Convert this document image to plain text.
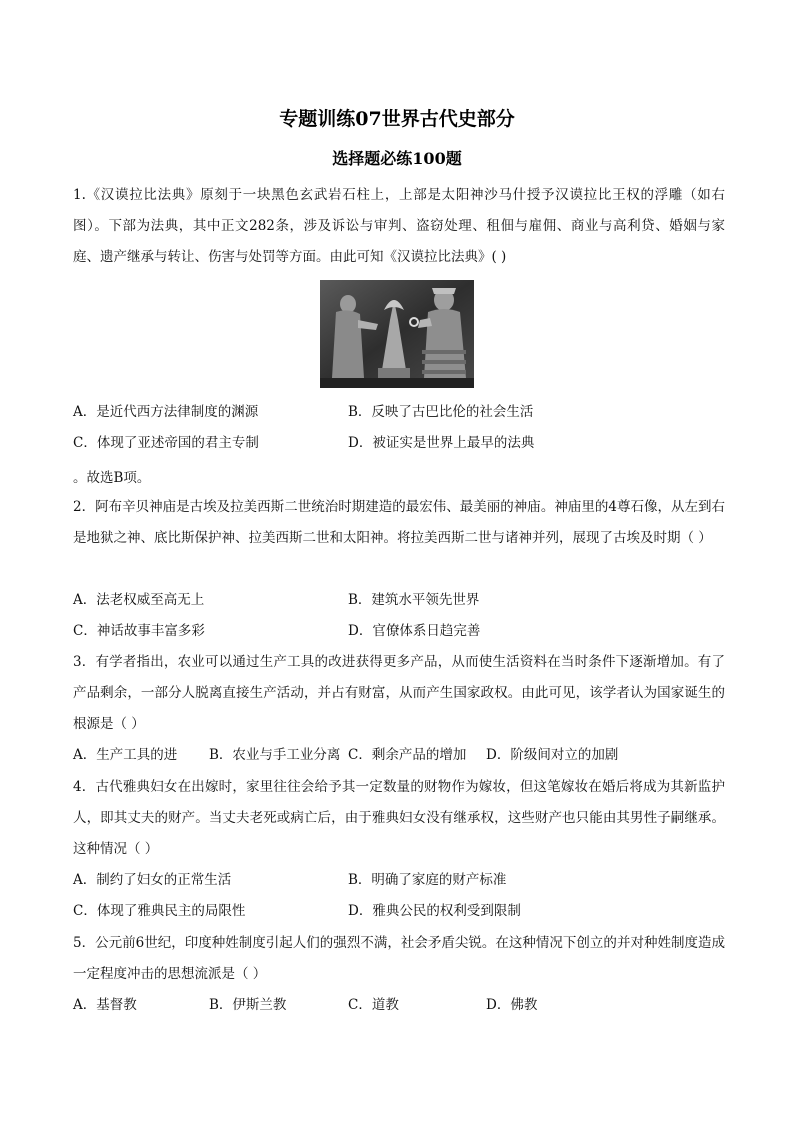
专题训练07世界古代史部分
选择题必练100题

1.《汉谟拉比法典》原刻于一块黑色玄武岩石柱上，上部是太阳神沙马什授予汉谟拉比王权的浮雕（如右图）。下部为法典，其中正文282条，涉及诉讼与审判、盗窃处理、租佃与雇佣、商业与高利贷、婚姻与家庭、遗产继承与转让、伤害与处罚等方面。由此可知《汉谟拉比法典》( )

A．是近代西方法律制度的渊源	B．反映了古巴比伦的社会生活
C．体现了亚述帝国的君主专制	D．被证实是世界上最早的法典
。故选B项。

2．阿布辛贝神庙是古埃及拉美西斯二世统治时期建造的最宏伟、最美丽的神庙。神庙里的4尊石像，从左到右是地狱之神、底比斯保护神、拉美西斯二世和太阳神。将拉美西斯二世与诸神并列，展现了古埃及时期（ ）

A．法老权威至高无上	B．建筑水平领先世界
C．神话故事丰富多彩	D．官僚体系日趋完善

3．有学者指出，农业可以通过生产工具的改进获得更多产品，从而使生活资料在当时条件下逐渐增加。有了产品剩余，一部分人脱离直接生产活动，并占有财富，从而产生国家政权。由此可见，该学者认为国家诞生的根源是（ ）

A．生产工具的进 B．农业与手工业分离 C．剩余产品的增加 D．阶级间对立的加剧

4．古代雅典妇女在出嫁时，家里往往会给予其一定数量的财物作为嫁妆，但这笔嫁妆在婚后将成为其新监护人，即其丈夫的财产。当丈夫老死或病亡后，由于雅典妇女没有继承权，这些财产也只能由其男性子嗣继承。这种情况（ ）

A．制约了妇女的正常生活	B．明确了家庭的财产标准
C．体现了雅典民主的局限性	D．雅典公民的权利受到限制

5．公元前6世纪，印度种姓制度引起人们的强烈不满，社会矛盾尖锐。在这种情况下创立的并对种姓制度造成一定程度冲击的思想流派是（ ）

A．基督教	B．伊斯兰教	C．道教	D．佛教
